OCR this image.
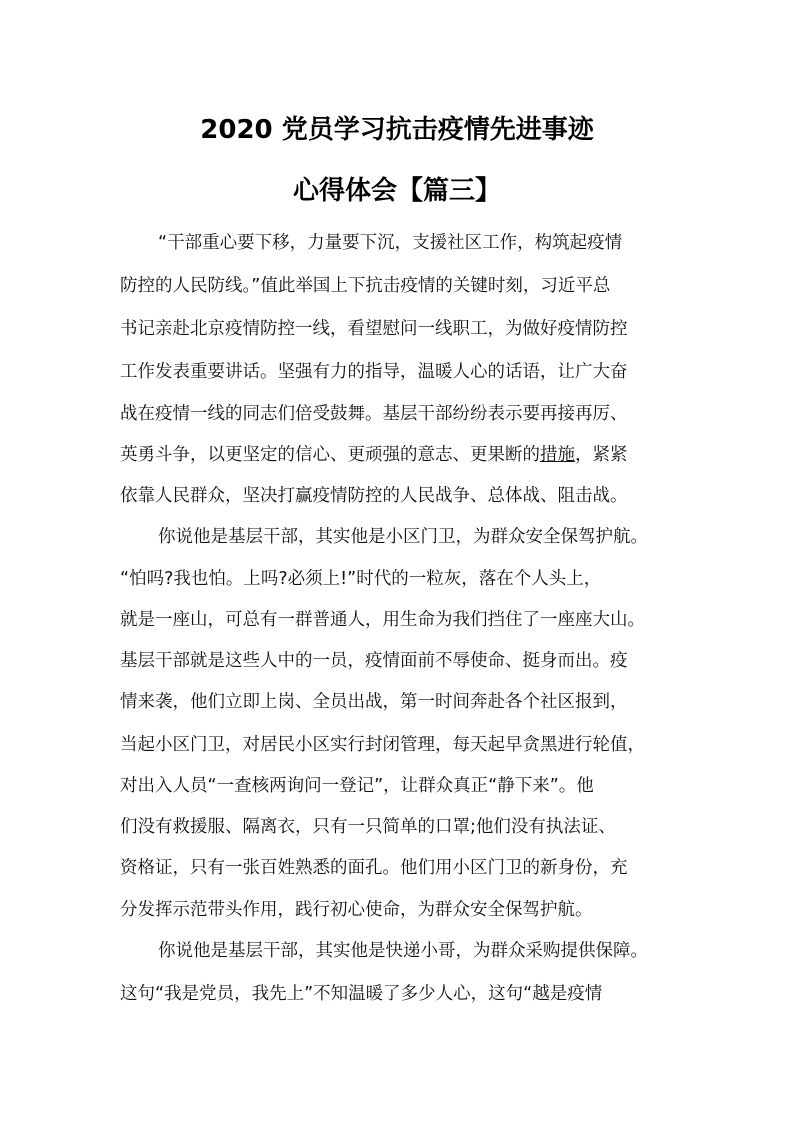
2020 党员学习抗击疫情先进事迹
心得体会【篇三】
“干部重心要下移，力量要下沉，支援社区工作，构筑起疫情
防控的人民防线。”值此举国上下抗击疫情的关键时刻，习近平总
书记亲赴北京疫情防控一线，看望慰问一线职工，为做好疫情防控
工作发表重要讲话。坚强有力的指导，温暖人心的话语，让广大奋
战在疫情一线的同志们倍受鼓舞。基层干部纷纷表示要再接再厉、
英勇斗争，以更坚定的信心、更顽强的意志、更果断的措施，紧紧
依靠人民群众，坚决打赢疫情防控的人民战争、总体战、阻击战。
你说他是基层干部，其实他是小区门卫，为群众安全保驾护航。
“怕吗?我也怕。上吗?必须上!”时代的一粒灰，落在个人头上，
就是一座山，可总有一群普通人，用生命为我们挡住了一座座大山。
基层干部就是这些人中的一员，疫情面前不辱使命、挺身而出。疫
情来袭，他们立即上岗、全员出战，第一时间奔赴各个社区报到，
当起小区门卫，对居民小区实行封闭管理，每天起早贪黑进行轮值，
对出入人员“一查核两询问一登记”，让群众真正“静下来”。他
们没有救援服、隔离衣，只有一只简单的口罩;他们没有执法证、
资格证，只有一张百姓熟悉的面孔。他们用小区门卫的新身份，充
分发挥示范带头作用，践行初心使命，为群众安全保驾护航。
你说他是基层干部，其实他是快递小哥，为群众采购提供保障。
这句“我是党员，我先上”不知温暖了多少人心，这句“越是疫情
